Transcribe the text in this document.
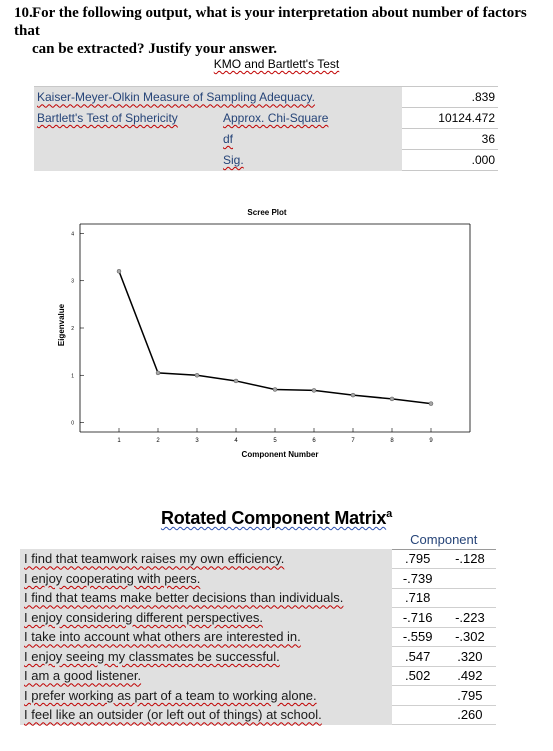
10.For the following output, what is your interpretation about number of factors that
can be extracted? Justify your answer.
KMO and Bartlett's Test
Kaiser-Meyer-Olkin Measure of Sampling Adequacy.		.839
Bartlett's Test of Sphericity	Approx. Chi-Square	10124.472
	df	36
	Sig.	.000
Scree Plot
Eigenvalue
Component Number
1	2	3	4	5	6	7	8	9
0
1
2
3
4
Rotated Component Matrix$^a$
	Component	
I find that teamwork raises my own efficiency.	.795	-.128
I enjoy cooperating with peers.	-.739	
I find that teams make better decisions than individuals.	.718	
I enjoy considering different perspectives.	-.716	-.223
I take into account what others are interested in.	-.559	-.302
I enjoy seeing my classmates be successful.	.547	.320
I am a good listener.	.502	.492
I prefer working as part of a team to working alone.		.795
I feel like an outsider (or left out of things) at school.		.260
